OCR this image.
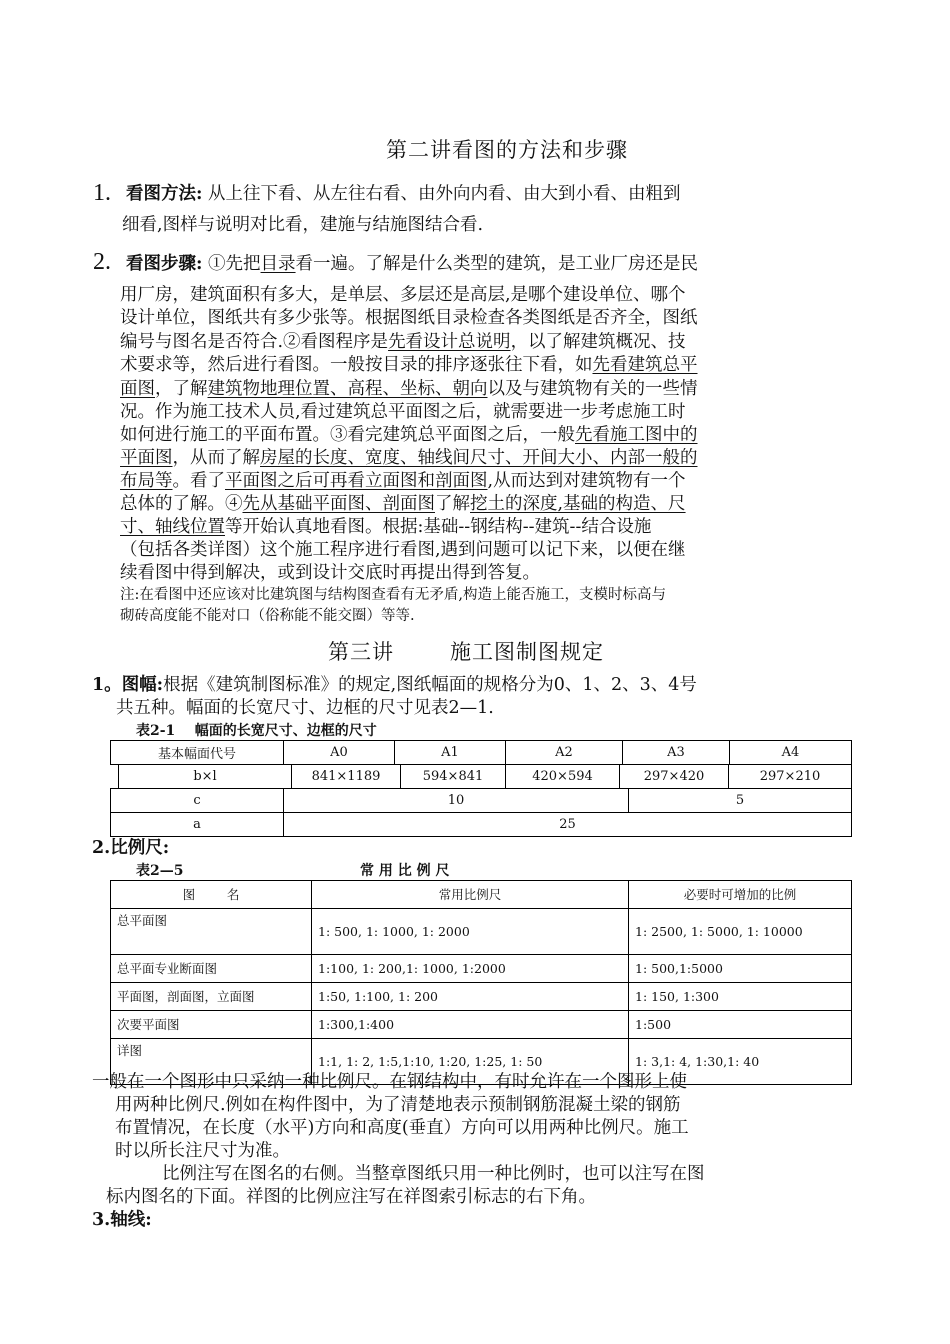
第二讲看图的方法和步骤
1. 看图方法: 从上往下看、从左往右看、由外向内看、由大到小看、由粗到
细看,图样与说明对比看，建施与结施图结合看.
2. 看图步骤: ①先把目录看一遍。了解是什么类型的建筑，是工业厂房还是民
用厂房，建筑面积有多大，是单层、多层还是高层,是哪个建设单位、哪个
设计单位，图纸共有多少张等。根据图纸目录检查各类图纸是否齐全，图纸
编号与图名是否符合.②看图程序是先看设计总说明，以了解建筑概况、技
术要求等，然后进行看图。一般按目录的排序逐张往下看，如先看建筑总平
面图，了解建筑物地理位置、高程、坐标、朝向以及与建筑物有关的一些情
况。作为施工技术人员,看过建筑总平面图之后，就需要进一步考虑施工时
如何进行施工的平面布置。③看完建筑总平面图之后，一般先看施工图中的
平面图，从而了解房屋的长度、宽度、轴线间尺寸、开间大小、内部一般的
布局等。看了平面图之后可再看立面图和剖面图,从而达到对建筑物有一个
总体的了解。④先从基础平面图、剖面图了解挖土的深度,基础的构造、尺
寸、轴线位置等开始认真地看图。根据:基础--钢结构--建筑--结合设施
（包括各类详图）这个施工程序进行看图,遇到问题可以记下来，以便在继
续看图中得到解决，或到设计交底时再提出得到答复。
注:在看图中还应该对比建筑图与结构图查看有无矛盾,构造上能否施工，支模时标高与
砌砖高度能不能对口（俗称能不能交圈）等等.
第三讲	施工图制图规定
1。图幅:根据《建筑制图标准》的规定,图纸幅面的规格分为0、1、2、3、4号
共五种。幅面的长宽尺寸、边框的尺寸见表2—1.
表2-1    幅面的长宽尺寸、边框的尺寸
基本幅面代号	A0	A1	A2	A3	A4
b×l	841×1189	594×841	420×594	297×420	297×210
c	10	5
a	25	
2.比例尺:
表2—5	常 用 比 例 尺
图        名	常用比例尺	必要时可增加的比例
总平面图	1: 500, 1: 1000, 1: 2000	1: 2500, 1: 5000, 1: 10000
总平面专业断面图	1:100, 1: 200,1: 1000, 1:2000	1: 500,1:5000
平面图，剖面图，立面图	1:50, 1:100, 1: 200	1: 150, 1:300
次要平面图	1:300,1:400	1:500
详图	1:1, 1: 2, 1:5,1:10, 1:20, 1:25, 1: 50	1: 3,1: 4, 1:30,1: 40
一般在一个图形中只采纳一种比例尺。在钢结构中，有时允许在一个图形上使
用两种比例尺.例如在构件图中，为了清楚地表示预制钢筋混凝土梁的钢筋
布置情况，在长度（水平)方向和高度(垂直）方向可以用两种比例尺。施工
时以所长注尺寸为准。
比例注写在图名的右侧。当整章图纸只用一种比例时，也可以注写在图
标内图名的下面。祥图的比例应注写在祥图索引标志的右下角。
3.轴线:
